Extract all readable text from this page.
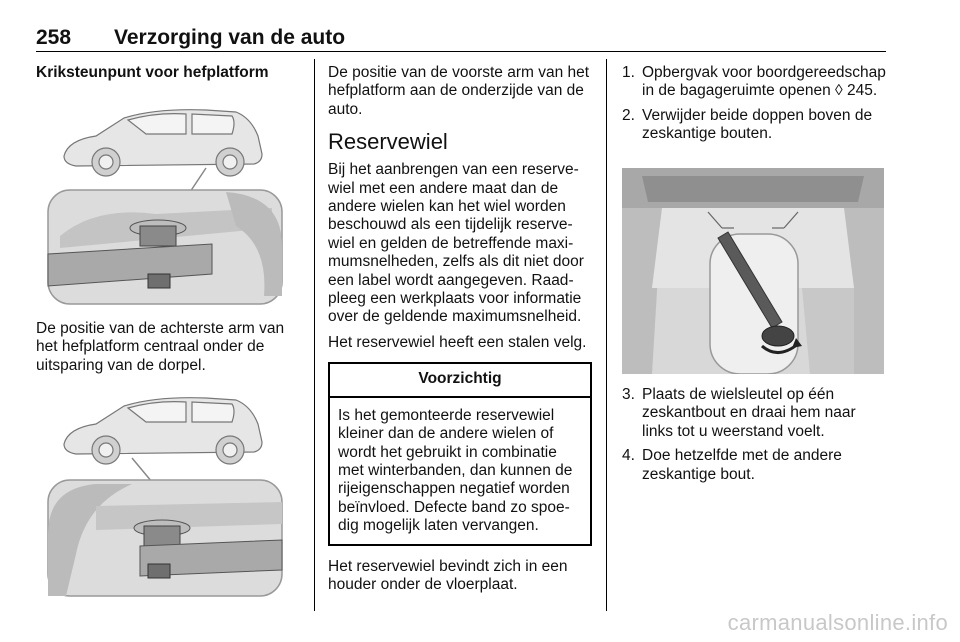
258 Verzorging van de auto

Kriksteunpunt voor hefplatform

De positie van de achterste arm van het hefplatform centraal onder de uitsparing van de dorpel.

De positie van de voorste arm van het hefplatform aan de onderzijde van de auto.

Reservewiel

Bij het aanbrengen van een reservewiel met een andere maat dan de andere wielen kan het wiel worden beschouwd als een tijdelijk reservewiel en gelden de betreffende maximumsnelheden, zelfs als dit niet door een label wordt aangegeven. Raadpleeg een werkplaats voor informatie over de geldende maximumsnelheid.

Het reservewiel heeft een stalen velg.

Voorzichtig
Is het gemonteerde reservewiel kleiner dan de andere wielen of wordt het gebruikt in combinatie met winterbanden, dan kunnen de rijeigenschappen negatief worden beïnvloed. Defecte band zo spoedig mogelijk laten vervangen.

Het reservewiel bevindt zich in een houder onder de vloerplaat.

1. Opbergvak voor boordgereedschap in de bagageruimte openen ◊ 245.
2. Verwijder beide doppen boven de zeskantige bouten.
3. Plaats de wielsleutel op één zeskantbout en draai hem naar links tot u weerstand voelt.
4. Doe hetzelfde met de andere zeskantige bout.
carmanualsonline.info
